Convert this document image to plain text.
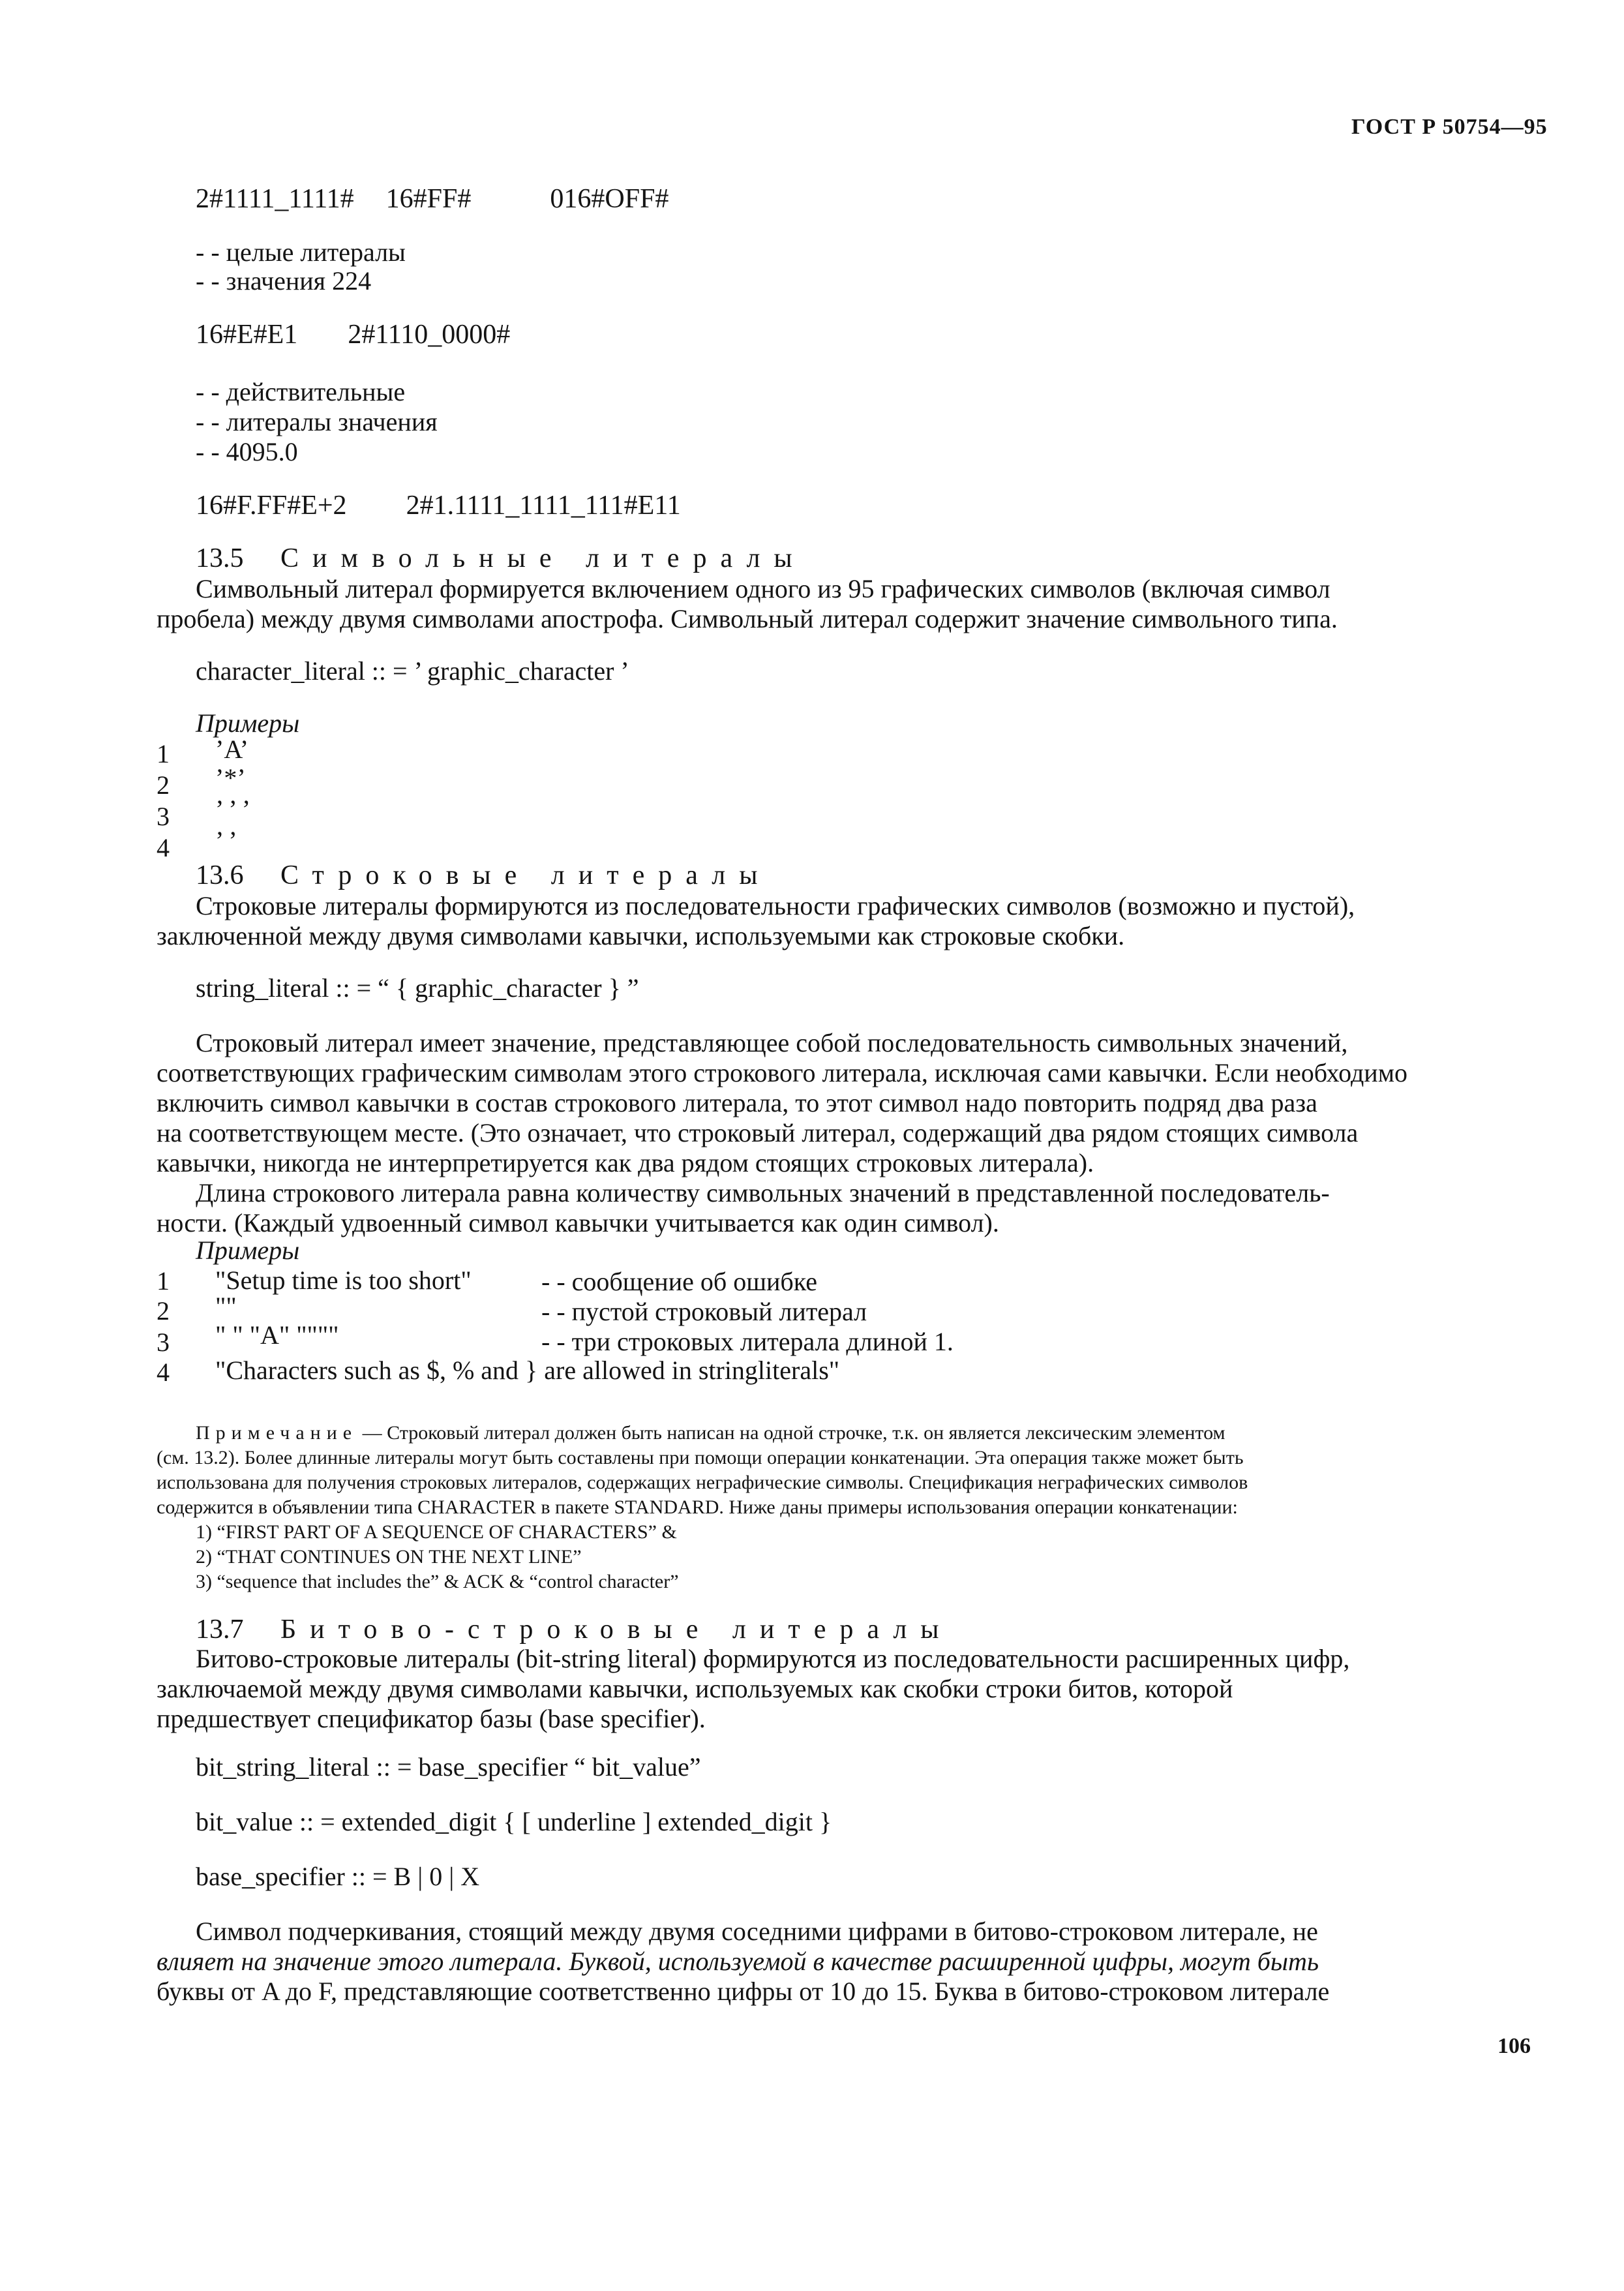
ГОСТ Р 50754—95
2#1111_1111# 16#FF#	016#OFF#
- - целые литералы
- - значения 224
16#E#E1 2#1110_0000#
- - действительные
- - литералы значения
- - 4095.0
16#F.FF#E+2 2#1.1111_1111_111#E11
13.5 Символьные литералы
Символьный литерал формируется включением одного из 95 графических символов (включая символ
пробела) между двумя символами апострофа. Символьный литерал содержит значение символьного типа.
character_literal :: = ’ graphic_character ’
Примеры
1 ’A’
2 ’*’
3 ’ ’ ’
4 ’ ’
13.6 Строковые литералы
Строковые литералы формируются из последовательности графических символов (возможно и пустой),
заключенной между двумя символами кавычки, используемыми как строковые скобки.
string_literal :: = “ { graphic_character } ”
Строковый литерал имеет значение, представляющее собой последовательность символьных значений,
соответствующих графическим символам этого строкового литерала, исключая сами кавычки. Если необходимо
включить символ кавычки в состав строкового литерала, то этот символ надо повторить подряд два раза
на соответствующем месте. (Это означает, что строковый литерал, содержащий два рядом стоящих символа
кавычки, никогда не интерпретируется как два рядом стоящих строковых литерала).
Длина строкового литерала равна количеству символьных значений в представленной последователь-
ности. (Каждый удвоенный символ кавычки учитывается как один символ).
Примеры
1 "Setup time is too short"	- - сообщение об ошибке
2 ""	- - пустой строковый литерал
3 " " "A" """"	- - три строковых литерала длиной 1.
4 "Characters such as $, % and } are allowed in stringliterals"
Примечание — Строковый литерал должен быть написан на одной строчке, т.к. он является лексическим элементом
(см. 13.2). Более длинные литералы могут быть составлены при помощи операции конкатенации. Эта операция также может быть
использована для получения строковых литералов, содержащих неграфические символы. Спецификация неграфических символов
содержится в объявлении типа CHARACTER в пакете STANDARD. Ниже даны примеры использования операции конкатенации:
1) “FIRST PART OF A SEQUENCE OF CHARACTERS” &
2) “THAT CONTINUES ON THE NEXT LINE”
3) “sequence that includes the” & ACK & “control character”
13.7 Битово-строковые литералы
Битово-строковые литералы (bit-string literal) формируются из последовательности расширенных цифр,
заключаемой между двумя символами кавычки, используемых как скобки строки битов, которой
предшествует спецификатор базы (base specifier).
bit_string_literal :: = base_specifier “ bit_value”
bit_value :: = extended_digit { [ underline ] extended_digit }
base_specifier :: = B | 0 | X
Символ подчеркивания, стоящий между двумя соседними цифрами в битово-строковом литерале, не
влияет на значение этого литерала. Буквой, используемой в качестве расширенной цифры, могут быть
буквы от A до F, представляющие соответственно цифры от 10 до 15. Буква в битово-строковом литерале
106
